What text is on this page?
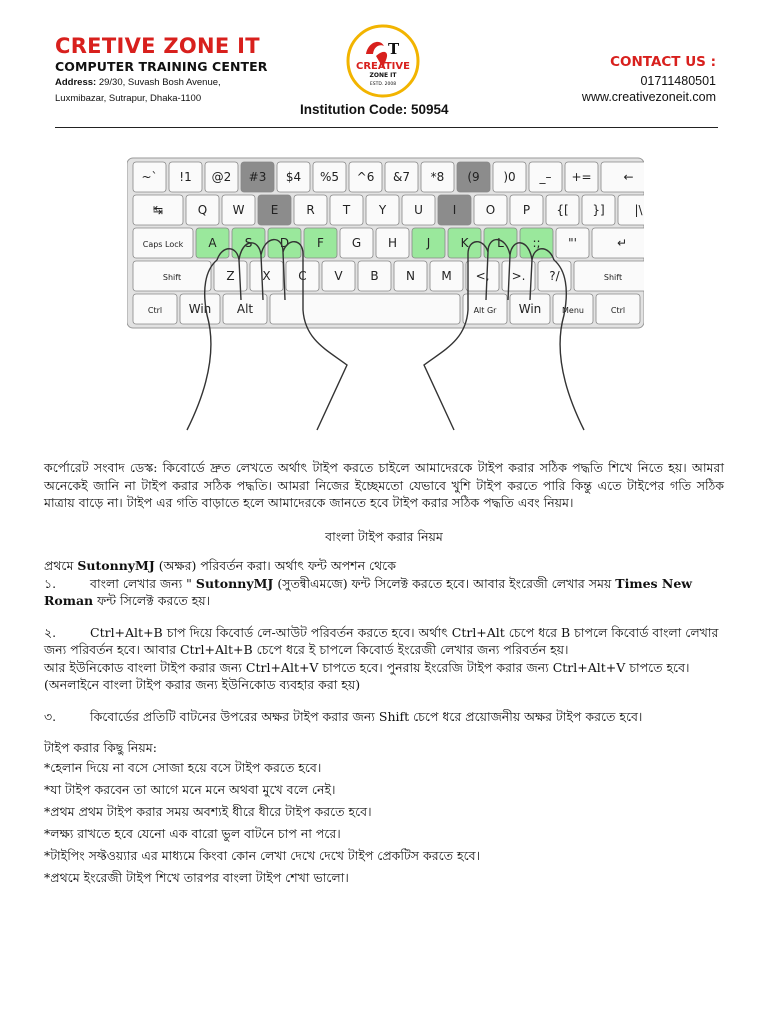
CRETIVE ZONE IT
COMPUTER TRAINING CENTER
Address: 29/30, Suvash Bosh Avenue,
Luxmibazar, Sutrapur, Dhaka-1100
T
CREATIVE
ZONE IT
ESTD. 2008
Institution Code: 50954
CONTACT US :
01711480501
www.creativezoneit.com
~` !1 @2 #3 $4 %5 ^6 &7 *8 (9 )0 _– +=	←
↹	Q W E R T Y U I O P {[ }] |\
Caps Lock A S D F G H J	K L :; "'	↵
Shift	Z X C V B N M <, >. ?/	Shift
Ctrl Win Alt	Alt Gr Win	Menu	Ctrl

কর্পোরেট সংবাদ ডেস্ক: কিবোর্ডে দ্রুত লেখতে অর্থাৎ টাইপ করতে চাইলে আমাদেরকে টাইপ করার সঠিক পদ্ধতি শিখে নিতে হয়। আমরা অনেকেই জানি না টাইপ করার সঠিক পদ্ধতি। আমরা নিজের ইচ্ছেমতো যেভাবে খুশি টাইপ করতে পারি কিন্তু এতে টাইপের গতি সঠিক মাত্রায় বাড়ে না। টাইপ এর গতি বাড়াতে হলে আমাদেরকে জানতে হবে টাইপ করার সঠিক পদ্ধতি এবং নিয়ম।

বাংলা টাইপ করার নিয়ম

প্রথমে SutonnyMJ (অক্ষর) পরিবর্তন করা। অর্থাৎ ফন্ট অপশন থেকে

১.	বাংলা লেখার জন্য " SutonnyMJ (সুতন্বীএমজে) ফন্ট সিলেক্ট করতে হবে। আবার ইংরেজী লেখার সময় Times New Roman ফন্ট সিলেক্ট করতে হয়।

২.	Ctrl+Alt+B চাপ দিয়ে কিবোর্ড লে-আউট পরিবর্তন করতে হবে। অর্থাৎ Ctrl+Alt চেপে ধরে B চাপলে কিবোর্ড বাংলা লেখার জন্য পরিবর্তন হবে। আবার Ctrl+Alt+B চেপে ধরে ই চাপলে কিবোর্ড ইংরেজী লেখার জন্য পরিবর্তন হয়।

আর ইউনিকোড বাংলা টাইপ করার জন্য Ctrl+Alt+V চাপতে হবে। পুনরায় ইংরেজি টাইপ করার জন্য Ctrl+Alt+V চাপতে হবে। (অনলাইনে বাংলা টাইপ করার জন্য ইউনিকোড ব্যবহার করা হয়)

৩.	কিবোর্ডের প্রতিটি বাটনের উপরের অক্ষর টাইপ করার জন্য Shift চেপে ধরে প্রয়োজনীয় অক্ষর টাইপ করতে হবে।

টাইপ করার কিছু নিয়ম:

*হেলান দিয়ে না বসে সোজা হয়ে বসে টাইপ করতে হবে।

*যা টাইপ করবেন তা আগে মনে মনে অথবা মুখে বলে নেই।

*প্রথম প্রথম টাইপ করার সময় অবশ্যই ধীরে ধীরে টাইপ করতে হবে।

*লক্ষ্য রাখতে হবে যেনো এক বারো ভুল বাটনে চাপ না পরে।

*টাইপিং সফ্টওয়্যার এর মাধ্যমে কিংবা কোন লেখা দেখে দেখে টাইপ প্রেকটিস করতে হবে।

*প্রথমে ইংরেজী টাইপ শিখে তারপর বাংলা টাইপ শেখা ভালো।
